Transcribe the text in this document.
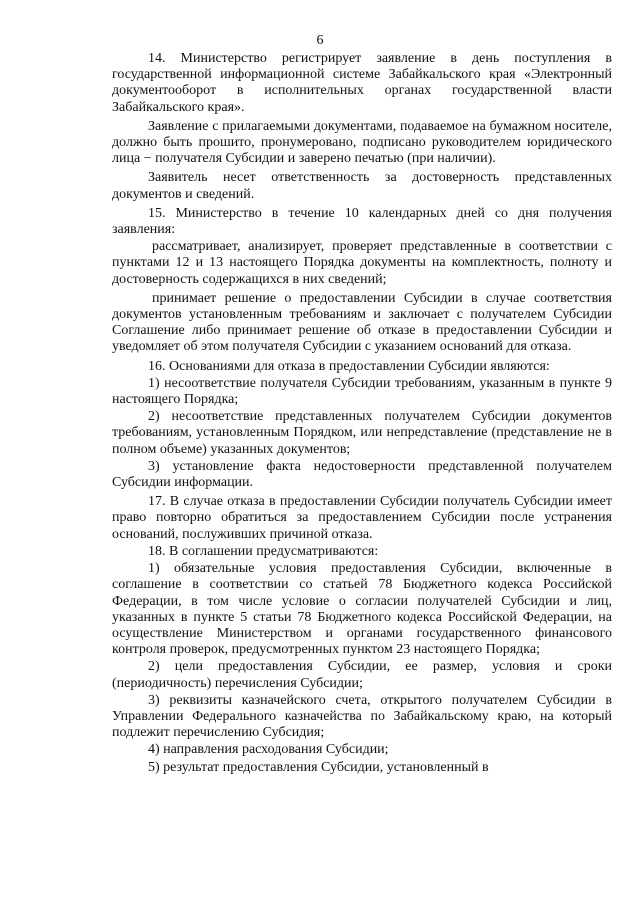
6

14. Министерство регистрирует заявление в день поступления в государственной информационной системе Забайкальского края «Электронный документооборот в исполнительных органах государственной власти Забайкальского края».

Заявление с прилагаемыми документами, подаваемое на бумажном носителе, должно быть прошито, пронумеровано, подписано руководителем юридического лица − получателя Субсидии и заверено печатью (при наличии).

Заявитель несет ответственность за достоверность представленных документов и сведений.

15. Министерство в течение 10 календарных дней со дня получения заявления:

рассматривает, анализирует, проверяет представленные в соответствии с пунктами 12 и 13 настоящего Порядка документы на комплектность, полноту и достоверность содержащихся в них сведений;

принимает решение о предоставлении Субсидии в случае соответствия документов установленным требованиям и заключает с получателем Субсидии Соглашение либо принимает решение об отказе в предоставлении Субсидии и уведомляет об этом получателя Субсидии с указанием оснований для отказа.

16. Основаниями для отказа в предоставлении Субсидии являются:

1) несоответствие получателя Субсидии требованиям, указанным в пункте 9 настоящего Порядка;

2) несоответствие представленных получателем Субсидии документов требованиям, установленным Порядком, или непредставление (представление не в полном объеме) указанных документов;

3) установление факта недостоверности представленной получателем Субсидии информации.

17. В случае отказа в предоставлении Субсидии получатель Субсидии имеет право повторно обратиться за предоставлением Субсидии после устранения оснований, послуживших причиной отказа.

18. В соглашении предусматриваются:

1) обязательные условия предоставления Субсидии, включенные в соглашение в соответствии со статьей 78 Бюджетного кодекса Российской Федерации, в том числе условие о согласии получателей Субсидии и лиц, указанных в пункте 5 статьи 78 Бюджетного кодекса Российской Федерации, на осуществление Министерством и органами государственного финансового контроля проверок, предусмотренных пунктом 23 настоящего Порядка;

2) цели предоставления Субсидии, ее размер, условия и сроки (периодичность) перечисления Субсидии;

3) реквизиты казначейского счета, открытого получателем Субсидии в Управлении Федерального казначейства по Забайкальскому краю, на который подлежит перечислению Субсидия;

4) направления расходования Субсидии;

5) результат предоставления Субсидии, установленный в
